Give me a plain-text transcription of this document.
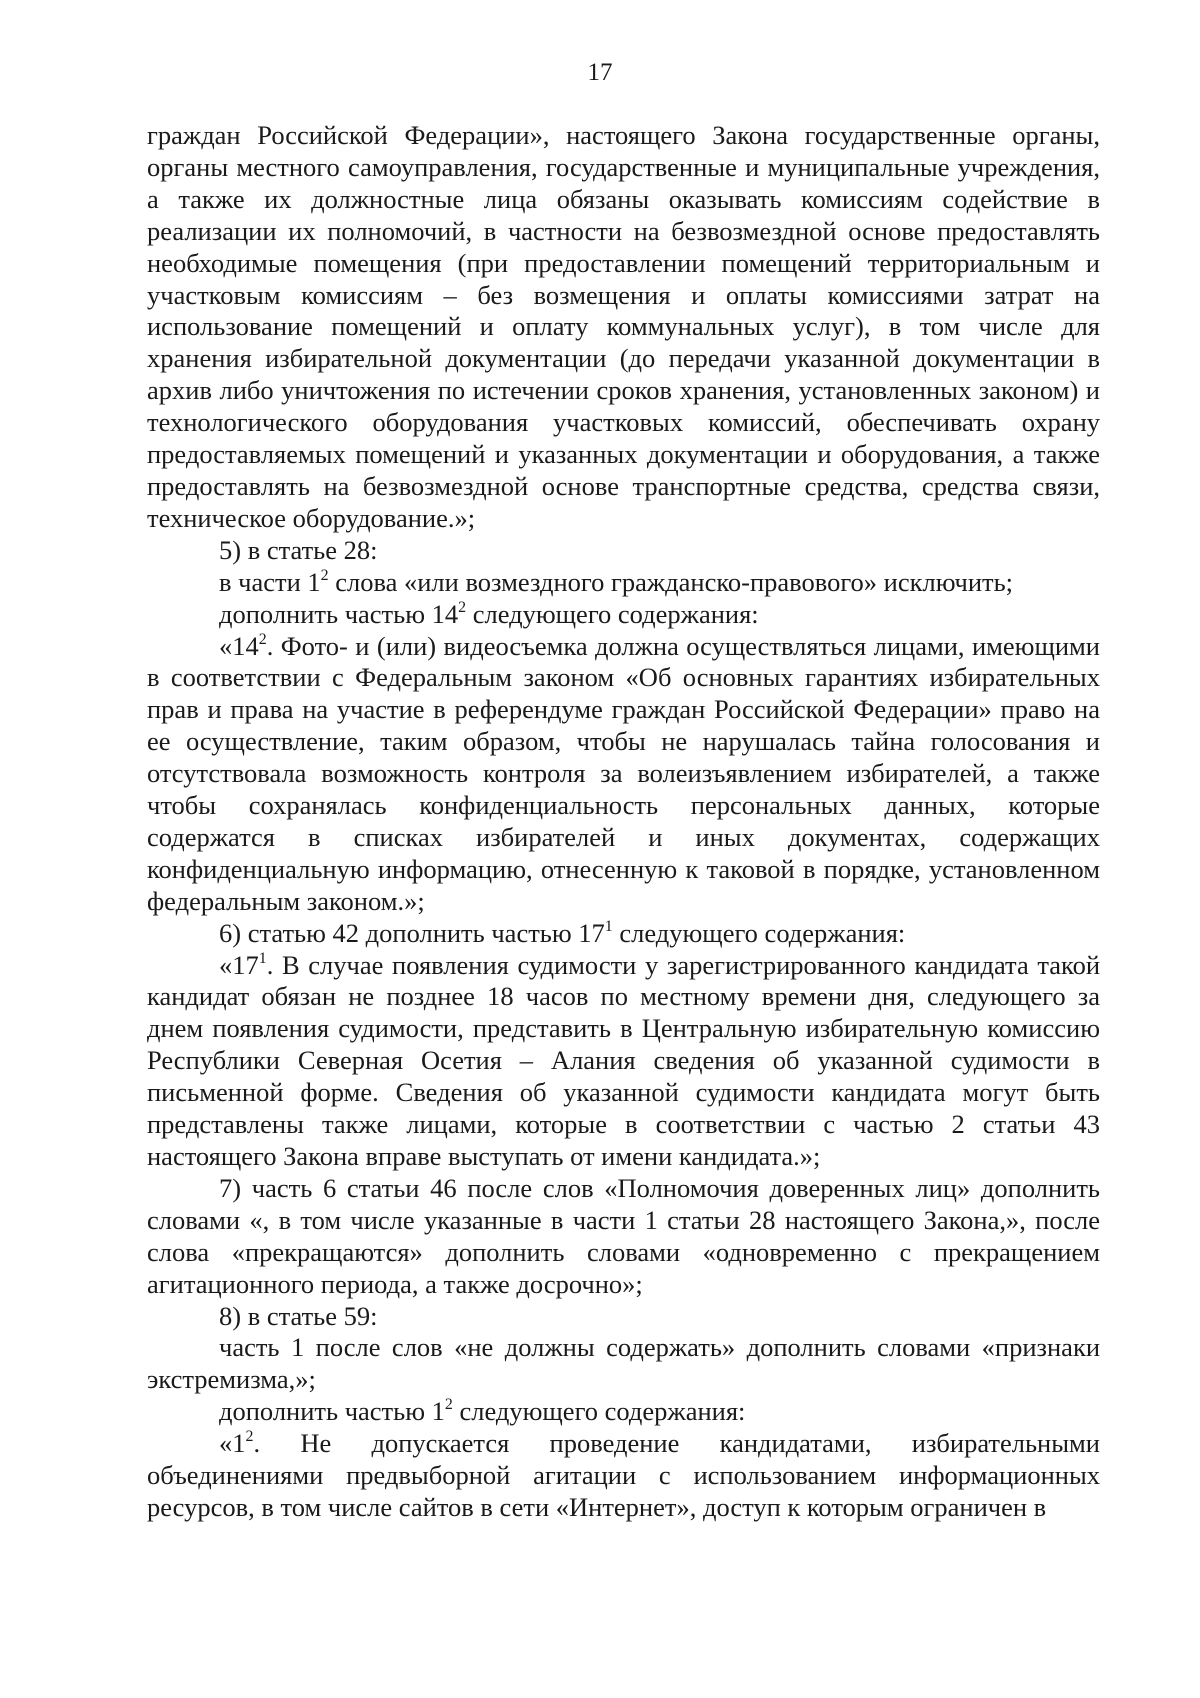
17

граждан Российской Федерации», настоящего Закона государственные органы, органы местного самоуправления, государственные и муниципальные учреждения, а также их должностные лица обязаны оказывать комиссиям содействие в реализации их полномочий, в частности на безвозмездной основе предоставлять необходимые помещения (при предоставлении помещений территориальным и участковым комиссиям – без возмещения и оплаты комиссиями затрат на использование помещений и оплату коммунальных услуг), в том числе для хранения избирательной документации (до передачи указанной документации в архив либо уничтожения по истечении сроков хранения, установленных законом) и технологического оборудования участковых комиссий, обеспечивать охрану предоставляемых помещений и указанных документации и оборудования, а также предоставлять на безвозмездной основе транспортные средства, средства связи, техническое оборудование.»;

5) в статье 28:

в части $1^2$ слова «или возмездного гражданско-правового» исключить;

дополнить частью $14^2$ следующего содержания:

«$14^2$. Фото- и (или) видеосъемка должна осуществляться лицами, имеющими в соответствии с Федеральным законом «Об основных гарантиях избирательных прав и права на участие в референдуме граждан Российской Федерации» право на ее осуществление, таким образом, чтобы не нарушалась тайна голосования и отсутствовала возможность контроля за волеизъявлением избирателей, а также чтобы сохранялась конфиденциальность персональных данных, которые содержатся в списках избирателей и иных документах, содержащих конфиденциальную информацию, отнесенную к таковой в порядке, установленном федеральным законом.»;

6) статью 42 дополнить частью $17^1$ следующего содержания:

«$17^1$. В случае появления судимости у зарегистрированного кандидата такой кандидат обязан не позднее 18 часов по местному времени дня, следующего за днем появления судимости, представить в Центральную избирательную комиссию Республики Северная Осетия – Алания сведения об указанной судимости в письменной форме. Сведения об указанной судимости кандидата могут быть представлены также лицами, которые в соответствии с частью 2 статьи 43 настоящего Закона вправе выступать от имени кандидата.»;

7) часть 6 статьи 46 после слов «Полномочия доверенных лиц» дополнить словами «, в том числе указанные в части 1 статьи 28 настоящего Закона,», после слова «прекращаются» дополнить словами «одновременно с прекращением агитационного периода, а также досрочно»;

8) в статье 59:

часть 1 после слов «не должны содержать» дополнить словами «признаки экстремизма,»;

дополнить частью $1^2$ следующего содержания:

«$1^2$. Не допускается проведение кандидатами, избирательными объединениями предвыборной агитации с использованием информационных ресурсов, в том числе сайтов в сети «Интернет», доступ к которым ограничен в
